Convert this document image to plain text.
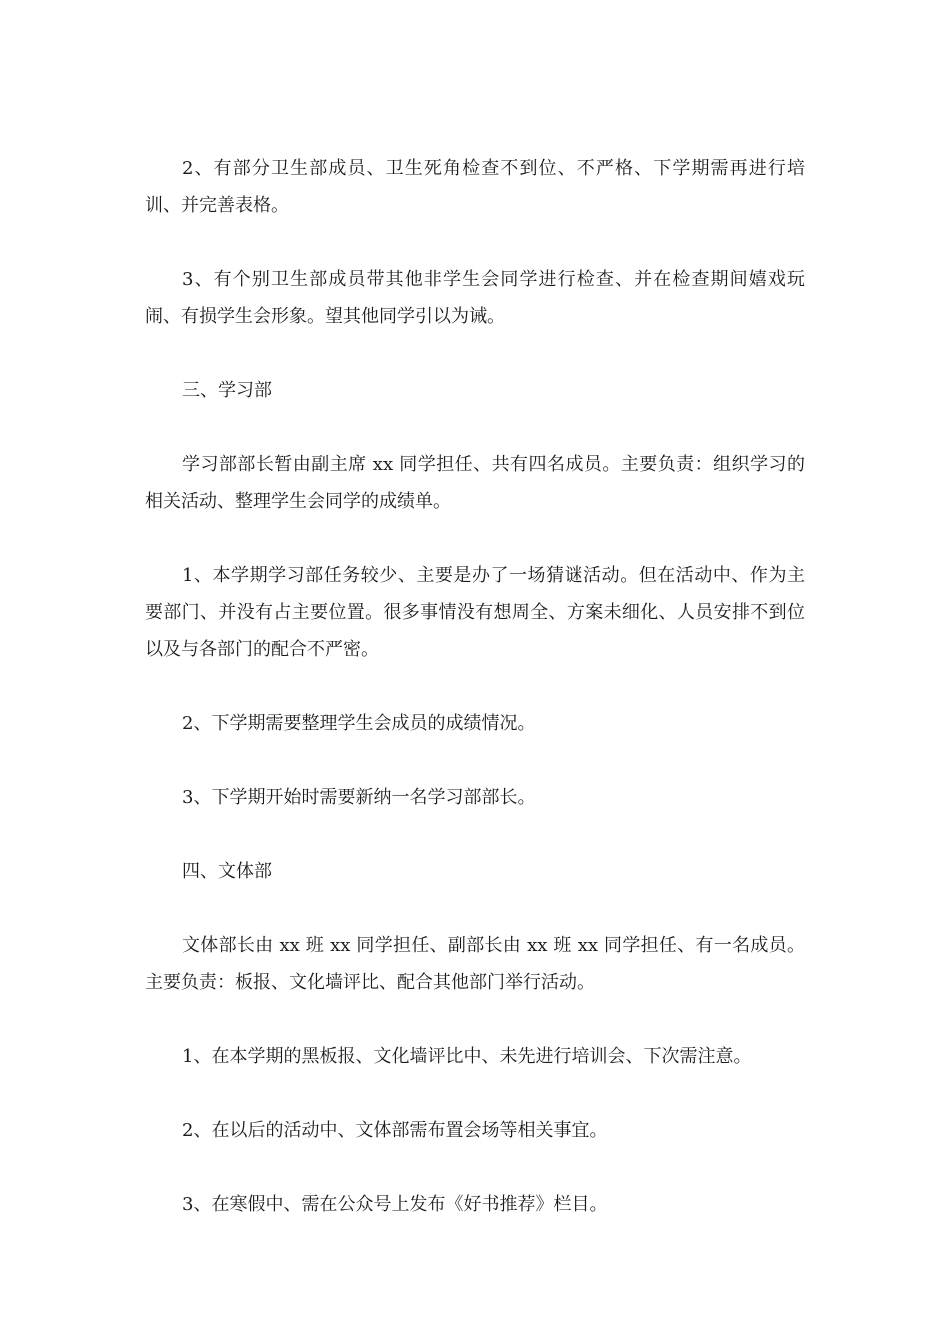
2、有部分卫生部成员、卫生死角检查不到位、不严格、下学期需再进行培训、并完善表格。

3、有个别卫生部成员带其他非学生会同学进行检查、并在检查期间嬉戏玩闹、有损学生会形象。望其他同学引以为诫。

三、学习部

学习部部长暂由副主席 xx 同学担任、共有四名成员。主要负责：组织学习的相关活动、整理学生会同学的成绩单。

1、本学期学习部任务较少、主要是办了一场猜谜活动。但在活动中、作为主要部门、并没有占主要位置。很多事情没有想周全、方案未细化、人员安排不到位以及与各部门的配合不严密。

2、下学期需要整理学生会成员的成绩情况。

3、下学期开始时需要新纳一名学习部部长。

四、文体部

文体部长由 xx 班 xx 同学担任、副部长由 xx 班 xx 同学担任、有一名成员。主要负责：板报、文化墙评比、配合其他部门举行活动。

1、在本学期的黑板报、文化墙评比中、未先进行培训会、下次需注意。

2、在以后的活动中、文体部需布置会场等相关事宜。

3、在寒假中、需在公众号上发布《好书推荐》栏目。
